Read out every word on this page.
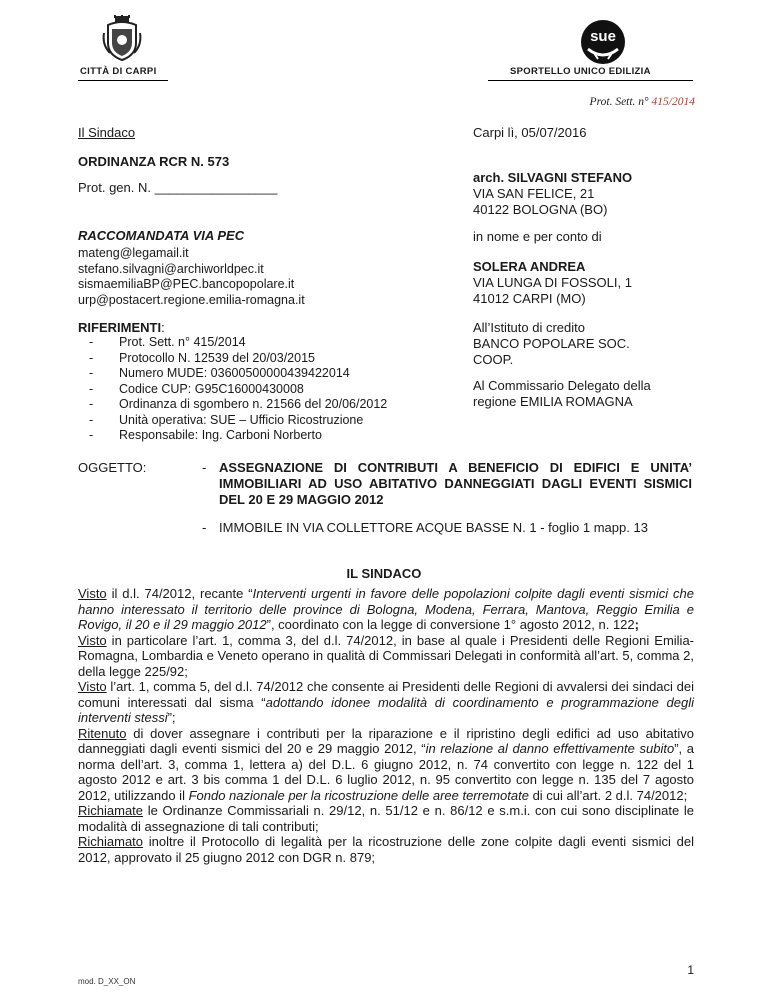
CITTÀ DI CARPI
sue
SPORTELLO UNICO EDILIZIA
Prot. Sett. n° 415/2014
Il Sindaco	Carpi lì, 05/07/2016
ORDINANZA RCR N. 573
Prot. gen. N. _________________
arch. SILVAGNI STEFANO
VIA SAN FELICE, 21
40122 BOLOGNA (BO)
RACCOMANDATA VIA PEC	in nome e per conto di
mateng@legamail.it
stefano.silvagni@archiworldpec.it
sismaemiliaBP@PEC.bancopopolare.it
urp@postacert.regione.emilia-romagna.it
SOLERA ANDREA
VIA LUNGA DI FOSSOLI, 1
41012 CARPI (MO)
RIFERIMENTI:
-	Prot. Sett. n° 415/2014
-	Protocollo N. 12539 del 20/03/2015
-	Numero MUDE: 03600500000439422014
-	Codice CUP: G95C16000430008
-	Ordinanza di sgombero n. 21566 del 20/06/2012
-	Unità operativa: SUE – Ufficio Ricostruzione
-	Responsabile: Ing. Carboni Norberto
All’Istituto di credito
BANCO POPOLARE SOC.
COOP.
Al Commissario Delegato della
regione EMILIA ROMAGNA
OGGETTO:	- ASSEGNAZIONE DI CONTRIBUTI A BENEFICIO DI EDIFICI E UNITA’ IMMOBILIARI AD USO ABITATIVO DANNEGGIATI DAGLI EVENTI SISMICI DEL 20 E 29 MAGGIO 2012
- IMMOBILE IN VIA COLLETTORE ACQUE BASSE N. 1 - foglio 1 mapp. 13
IL SINDACO

Visto il d.l. 74/2012, recante “Interventi urgenti in favore delle popolazioni colpite dagli eventi sismici che hanno interessato il territorio delle province di Bologna, Modena, Ferrara, Mantova, Reggio Emilia e Rovigo, il 20 e il 29 maggio 2012”, coordinato con la legge di conversione 1° agosto 2012, n. 122;

Visto in particolare l’art. 1, comma 3, del d.l. 74/2012, in base al quale i Presidenti delle Regioni Emilia-Romagna, Lombardia e Veneto operano in qualità di Commissari Delegati in conformità all’art. 5, comma 2, della legge 225/92;

Visto l’art. 1, comma 5, del d.l. 74/2012 che consente ai Presidenti delle Regioni di avvalersi dei sindaci dei comuni interessati dal sisma “adottando idonee modalità di coordinamento e programmazione degli interventi stessi”;

Ritenuto di dover assegnare i contributi per la riparazione e il ripristino degli edifici ad uso abitativo danneggiati dagli eventi sismici del 20 e 29 maggio 2012, “in relazione al danno effettivamente subito”, a norma dell’art. 3, comma 1, lettera a) del D.L. 6 giugno 2012, n. 74 convertito con legge n. 122 del 1 agosto 2012 e art. 3 bis comma 1 del D.L. 6 luglio 2012, n. 95 convertito con legge n. 135 del 7 agosto 2012, utilizzando il Fondo nazionale per la ricostruzione delle aree terremotate di cui all’art. 2 d.l. 74/2012;

Richiamate le Ordinanze Commissariali n. 29/12, n. 51/12 e n. 86/12 e s.m.i. con cui sono disciplinate le modalità di assegnazione di tali contributi;

Richiamato inoltre il Protocollo di legalità per la ricostruzione delle zone colpite dagli eventi sismici del 2012, approvato il 25 giugno 2012 con DGR n. 879;

mod. D_XX_ON
1
